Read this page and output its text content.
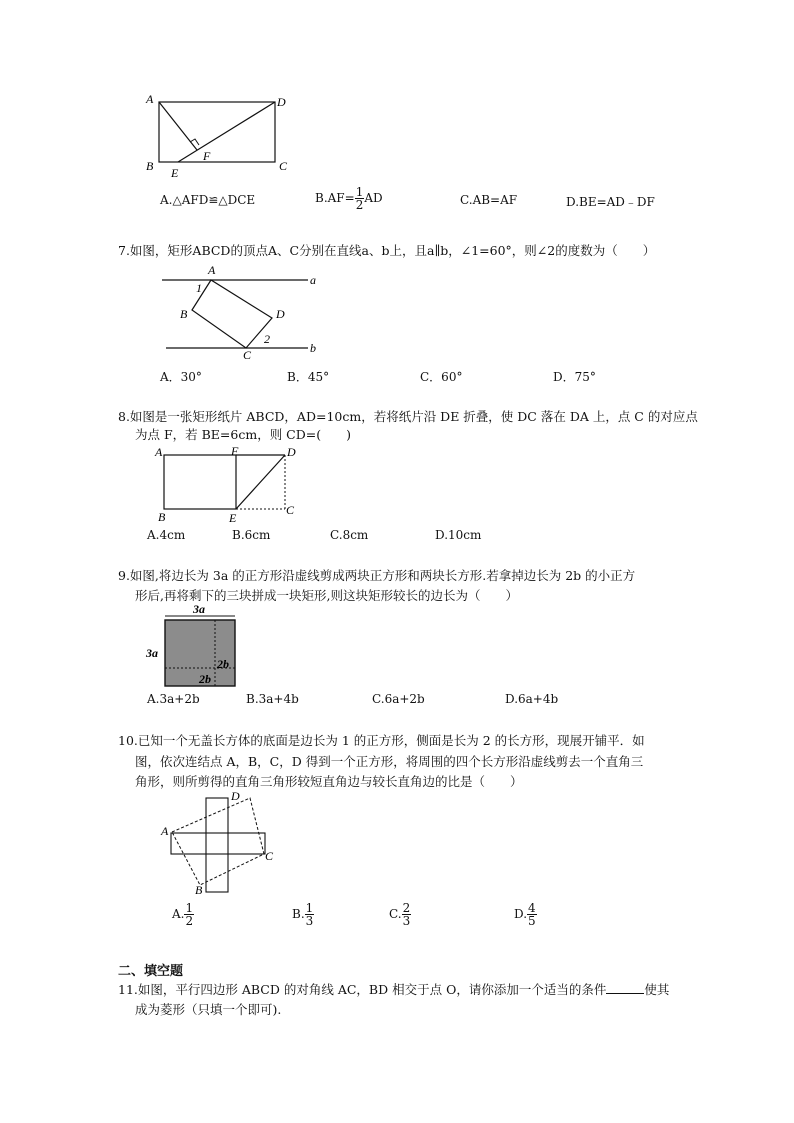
A	D
B	C
E
F
A.△AFD≌△DCE	$B.AF= \frac{1}{2}$ AD	C.AB=AF	D.BE=AD﹣DF
7.如图，矩形ABCD的顶点A、C分别在直线a、b上，且a∥b，∠1=60°，则∠2的度数为（　　）
A
a
1
B	D
2
C	b
A．30°	B．45°	C．60°	D．75°
8.如图是一张矩形纸片 ABCD，AD=10cm，若将纸片沿 DE 折叠，使 DC 落在 DA 上，点 C 的对应点
为点 F，若 BE=6cm，则 CD=(　　)
A	F	D
B	E
C
A.4cm	B.6cm	C.8cm	D.10cm
9.如图,将边长为 3a 的正方形沿虚线剪成两块正方形和两块长方形.若拿掉边长为 2b 的小正方
形后,再将剩下的三块拼成一块矩形,则这块矩形较长的边长为（　　）
3a
3a
2b
2b
A.3a+2b	B.3a+4b	C.6a+2b	D.6a+4b
10.已知一个无盖长方体的底面是边长为 1 的正方形，侧面是长为 2 的长方形，现展开铺平．如
图，依次连结点 A，B，C，D 得到一个正方形，将周围的四个长方形沿虚线剪去一个直角三
角形，则所剪得的直角三角形较短直角边与较长直角边的比是（　　）
A
B
C
D
A. $\frac{1}{2}$	B. $\frac{1}{3}$	C. $\frac{2}{3}$	D. $\frac{4}{5}$
二、填空题
11.如图，平行四边形 ABCD 的对角线 AC，BD 相交于点 O，请你添加一个适当的条件	使其
成为菱形（只填一个即可).
